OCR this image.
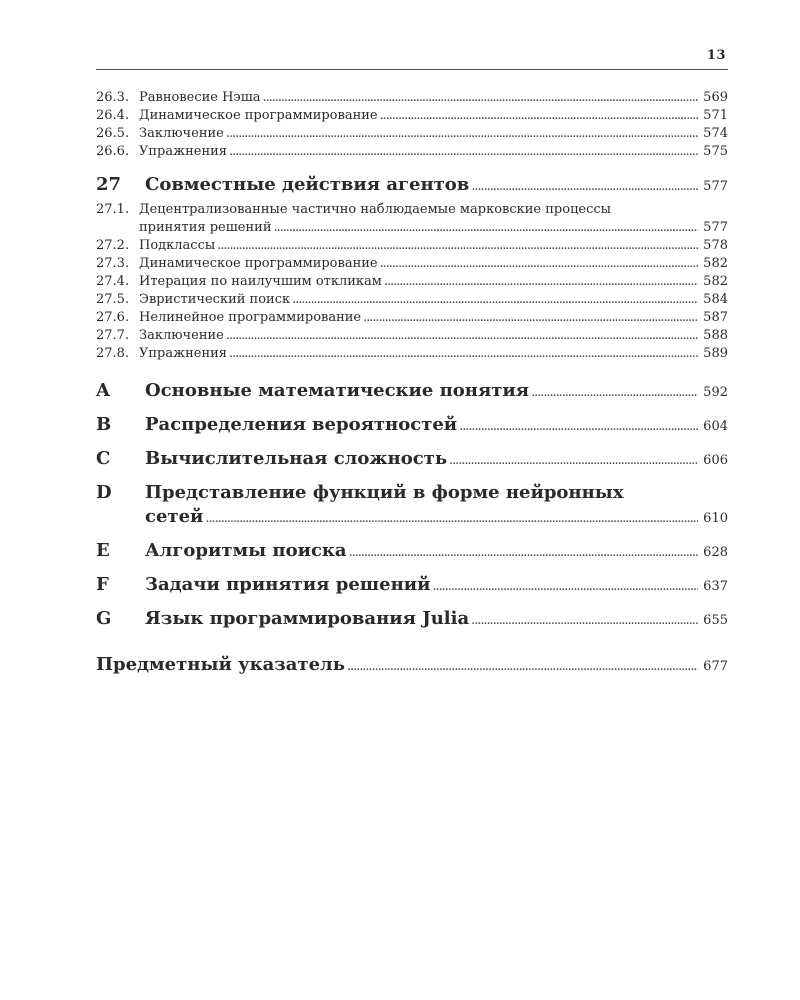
13
26.3. Равновесие Нэша . . .	569
26.4. Динамическое программирование . . .	571
26.5. Заключение . . .	574
26.6. Упражнения . . .	575
27	Совместные действия агентов . . .	577
27.1. Децентрализованные частично наблюдаемые марковские процессы
принятия решений . . .	577
27.2. Подклассы . . .	578
27.3. Динамическое программирование . . .	582
27.4. Итерация по наилучшим откликам . . .	582
27.5. Эвристический поиск . . .	584
27.6. Нелинейное программирование . . .	587
27.7. Заключение . . .	588
27.8. Упражнения . . .	589
A	Основные математические понятия . . .	592
B	Распределения вероятностей . . .	604
C	Вычислительная сложность . . .	606
D	Представление функций в форме нейронных
сетей . . .	610
E	Алгоритмы поиска . . .	628
F	Задачи принятия решений . . .	637
G	Язык программирования Julia . . .	655
Предметный указатель . . .	677
